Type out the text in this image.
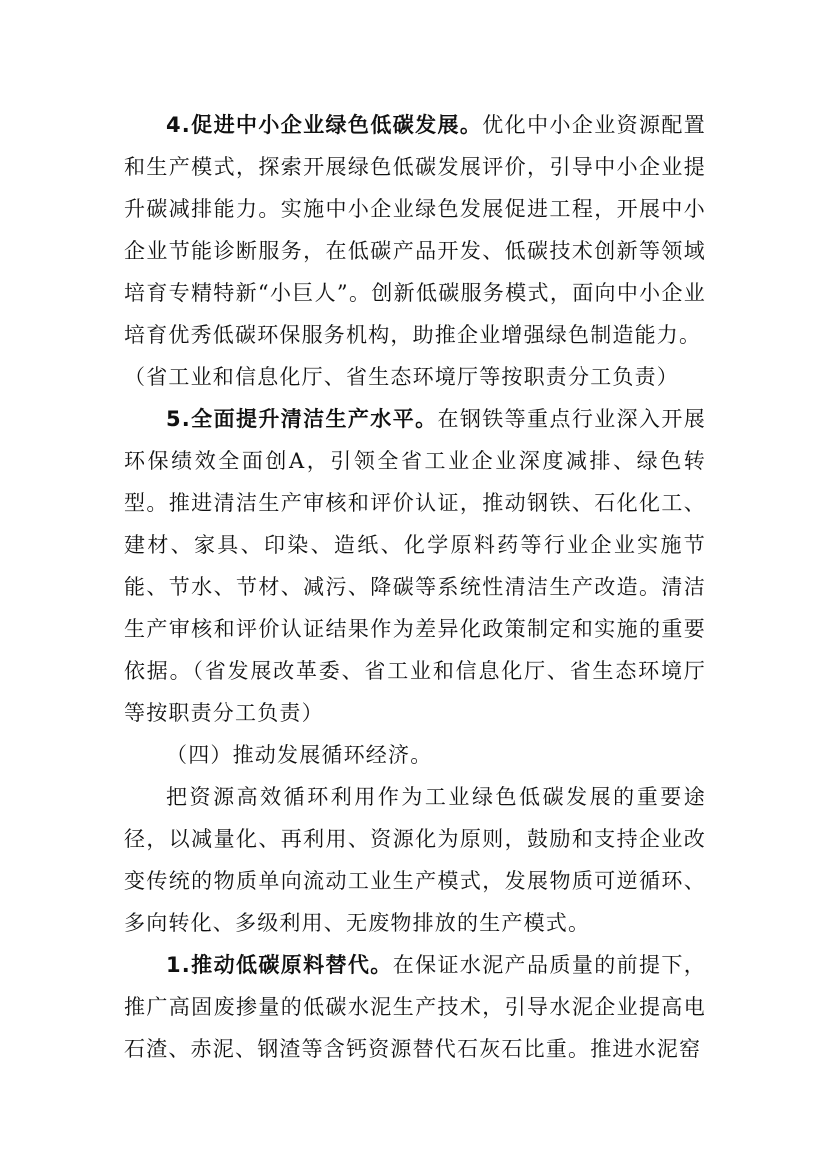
4.促进中小企业绿色低碳发展。优化中小企业资源配置和生产模式，探索开展绿色低碳发展评价，引导中小企业提升碳减排能力。实施中小企业绿色发展促进工程，开展中小企业节能诊断服务，在低碳产品开发、低碳技术创新等领域培育专精特新“小巨人”。创新低碳服务模式，面向中小企业培育优秀低碳环保服务机构，助推企业增强绿色制造能力。

（省工业和信息化厅、省生态环境厅等按职责分工负责）

5.全面提升清洁生产水平。在钢铁等重点行业深入开展环保绩效全面创A，引领全省工业企业深度减排、绿色转型。推进清洁生产审核和评价认证，推动钢铁、石化化工、建材、家具、印染、造纸、化学原料药等行业企业实施节能、节水、节材、减污、降碳等系统性清洁生产改造。清洁生产审核和评价认证结果作为差异化政策制定和实施的重要依据。（省发展改革委、省工业和信息化厅、省生态环境厅等按职责分工负责）

（四）推动发展循环经济。

把资源高效循环利用作为工业绿色低碳发展的重要途径，以减量化、再利用、资源化为原则，鼓励和支持企业改变传统的物质单向流动工业生产模式，发展物质可逆循环、多向转化、多级利用、无废物排放的生产模式。

1.推动低碳原料替代。在保证水泥产品质量的前提下，推广高固废掺量的低碳水泥生产技术，引导水泥企业提高电石渣、赤泥、钢渣等含钙资源替代石灰石比重。推进水泥窑
